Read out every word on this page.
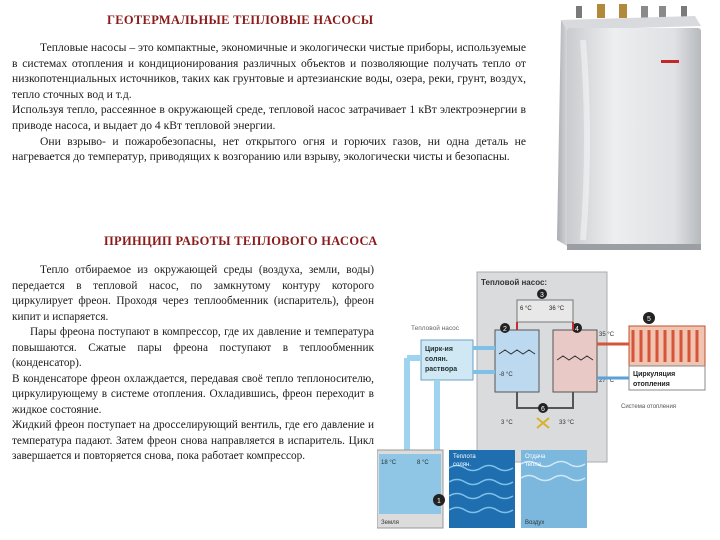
ГЕОТЕРМАЛЬНЫЕ ТЕПЛОВЫЕ НАСОСЫ

Тепловые насосы – это компактные, экономичные и экологически чистые приборы, используемые в системах отопления и кондиционирования различных объектов и позволяющие получать тепло от низкопотенциальных источников, таких как грунтовые и артезианские воды, озера, реки, грунт, воздух, тепло сточных вод и т.д.

Используя тепло, рассеянное в окружающей среде, тепловой насос затрачивает 1 кВт электроэнергии в приводе насоса, и выдает до 4 кВт тепловой энергии.

Они взрыво- и пожаробезопасны, нет открытого огня и горючих газов, ни одна деталь не нагревается до температур, приводящих к возгоранию или взрыву, экологически чисты и безопасны.

ПРИНЦИП РАБОТЫ ТЕПЛОВОГО НАСОСА

Тепло отбираемое из окружающей среды (воздуха, земли, воды) передается в тепловой насос, по замкнутому контуру которого циркулирует фреон. Проходя через теплообменник (испаритель), фреон кипит и испаряется.

Пары фреона поступают в компрессор, где их давление и температура повышаются. Сжатые пары фреона поступают в теплообменник (конденсатор).

В конденсаторе фреон охлаждается, передавая своё тепло теплоносителю, циркулирующему в системе отопления. Охладившись, фреон переходит в жидкое состояние.

Жидкий фреон поступает на дросселирующий вентиль, где его давление и температура падают. Затем фреон снова направляется в испаритель. Цикл завершается и повторяется снова, пока работает компрессор.

Тепловой насос:
Тепловой насос
3
6 °C	36 °C
2
-8 °C
4
35 °C
27 °C
6
3 °C	33 °C
Цирк-ия
солян.
раствора
5
Циркуляция
отопления
Система отопления
18 °C	8 °C
Теплота
солян.
Отдача
тепла
1
Земля	Воздух
